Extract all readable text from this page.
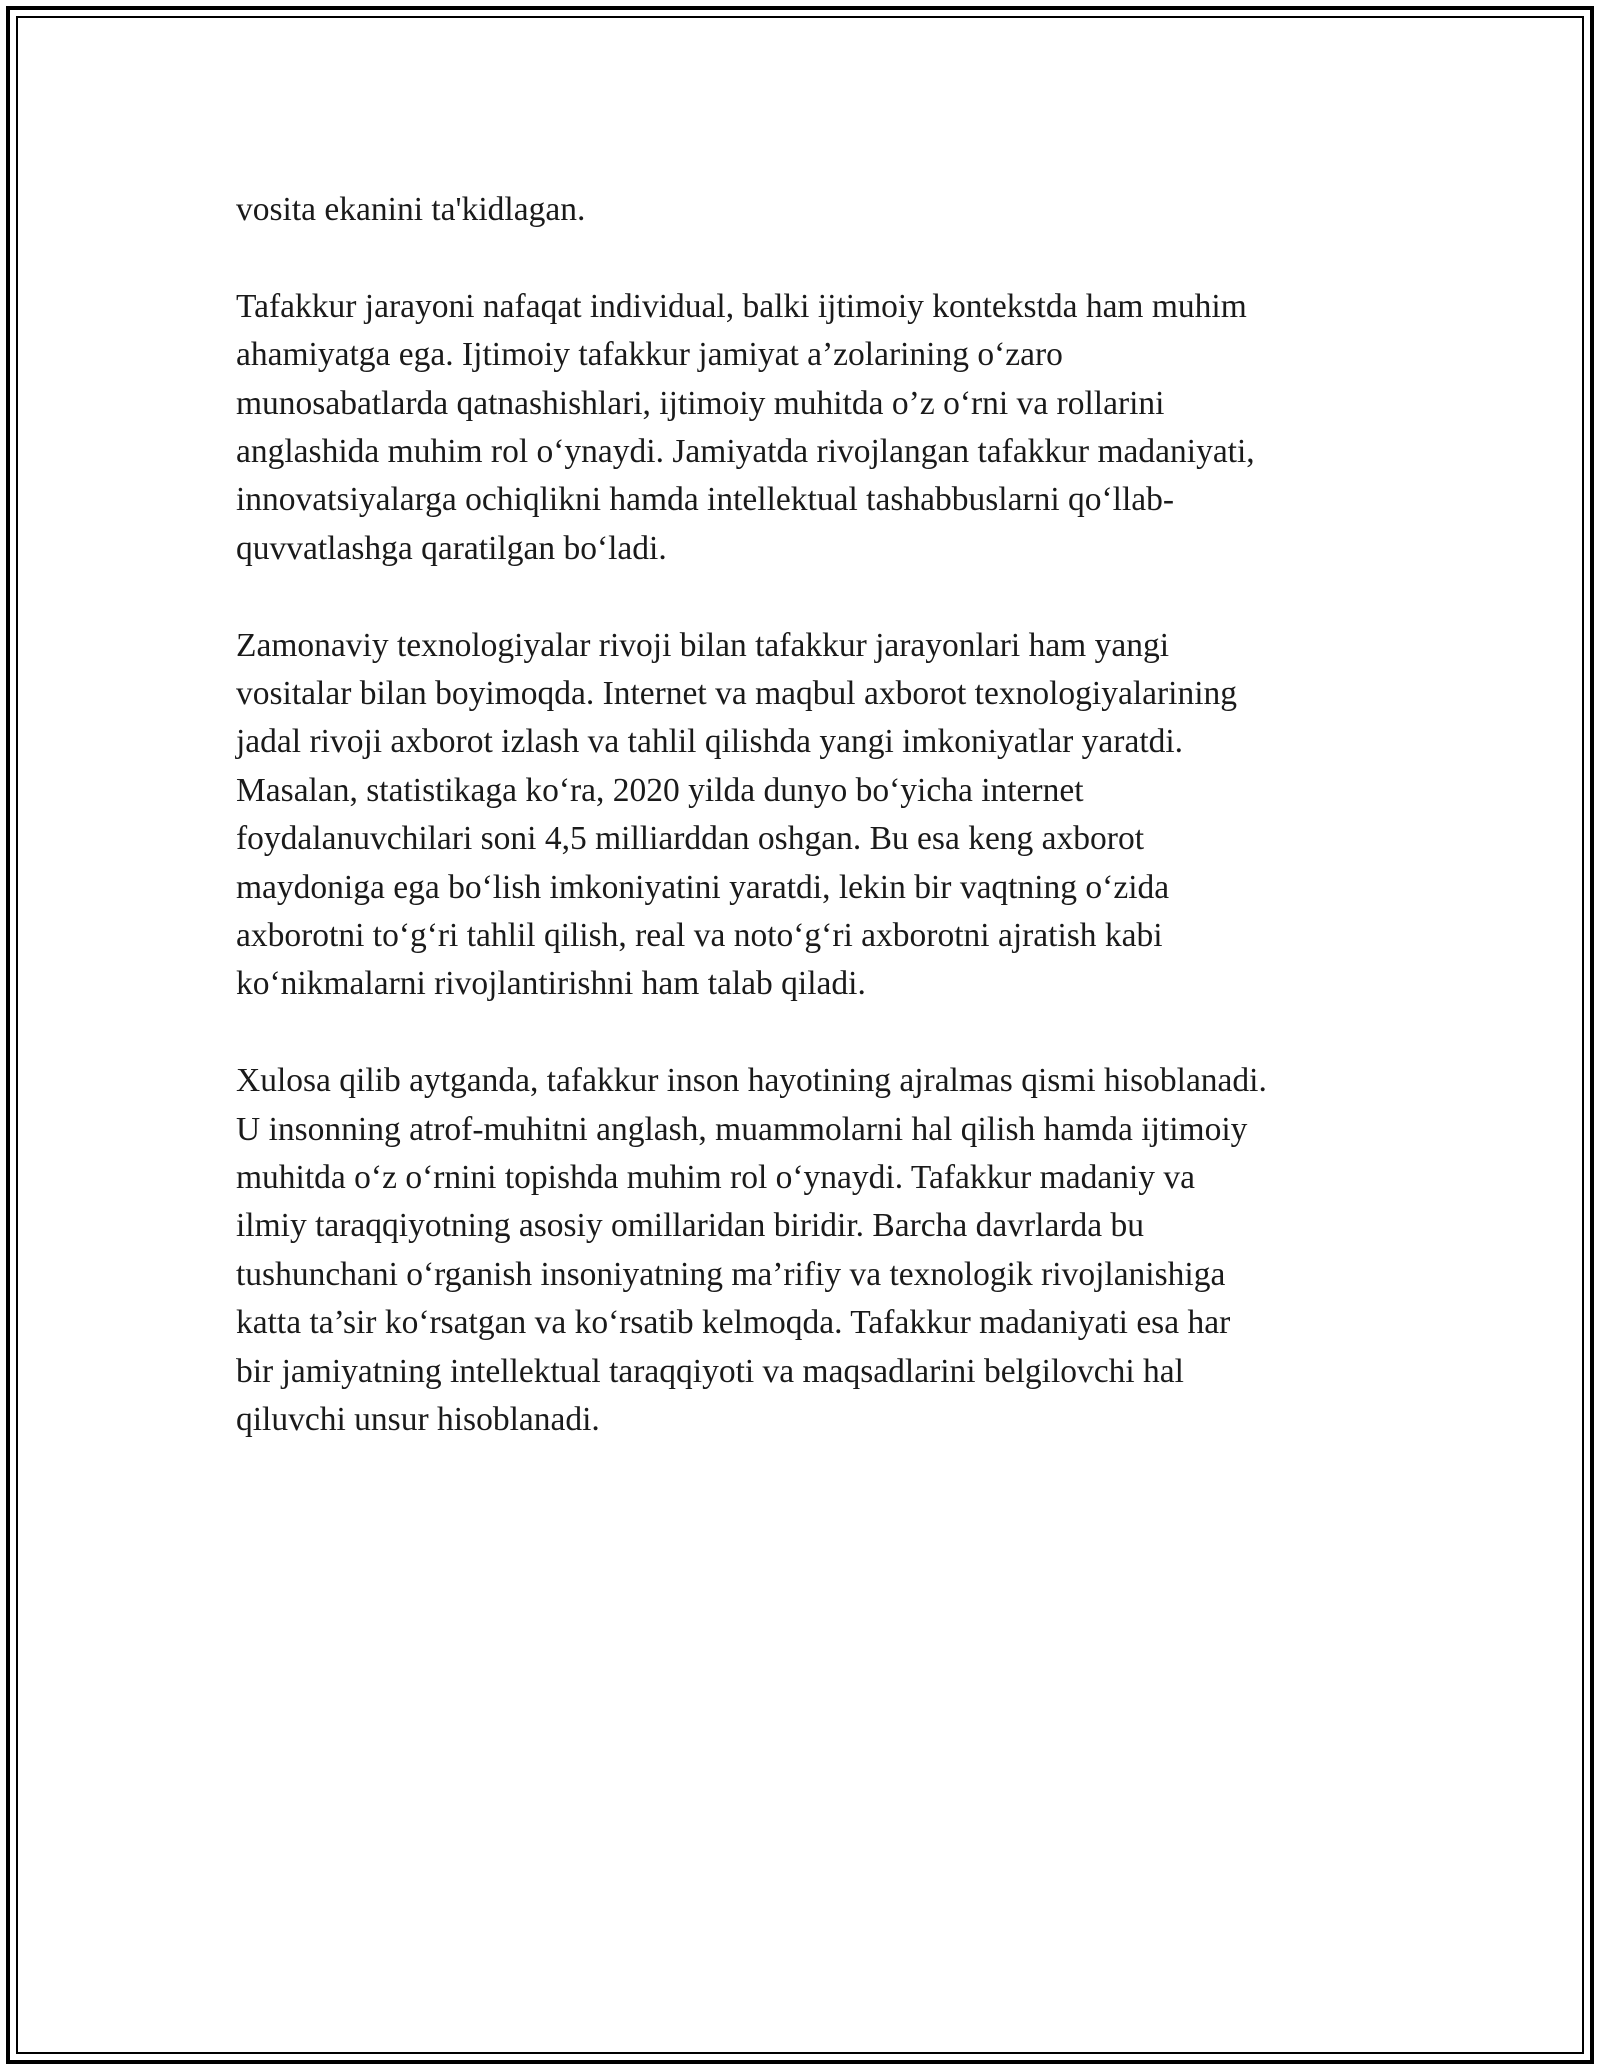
vosita ekanini ta'kidlagan.

Tafakkur jarayoni nafaqat individual, balki ijtimoiy kontekstda ham muhim
ahamiyatga ega. Ijtimoiy tafakkur jamiyat a’zolarining o‘zaro
munosabatlarda qatnashishlari, ijtimoiy muhitda o’z o‘rni va rollarini
anglashida muhim rol o‘ynaydi. Jamiyatda rivojlangan tafakkur madaniyati,
innovatsiyalarga ochiqlikni hamda intellektual tashabbuslarni qo‘llab-
quvvatlashga qaratilgan bo‘ladi.

Zamonaviy texnologiyalar rivoji bilan tafakkur jarayonlari ham yangi
vositalar bilan boyimoqda. Internet va maqbul axborot texnologiyalarining
jadal rivoji axborot izlash va tahlil qilishda yangi imkoniyatlar yaratdi.
Masalan, statistikaga ko‘ra, 2020 yilda dunyo bo‘yicha internet
foydalanuvchilari soni 4,5 milliarddan oshgan. Bu esa keng axborot
maydoniga ega bo‘lish imkoniyatini yaratdi, lekin bir vaqtning o‘zida
axborotni to‘g‘ri tahlil qilish, real va noto‘g‘ri axborotni ajratish kabi
ko‘nikmalarni rivojlantirishni ham talab qiladi.

Xulosa qilib aytganda, tafakkur inson hayotining ajralmas qismi hisoblanadi.
U insonning atrof-muhitni anglash, muammolarni hal qilish hamda ijtimoiy
muhitda o‘z o‘rnini topishda muhim rol o‘ynaydi. Tafakkur madaniy va
ilmiy taraqqiyotning asosiy omillaridan biridir. Barcha davrlarda bu
tushunchani o‘rganish insoniyatning ma’rifiy va texnologik rivojlanishiga
katta ta’sir ko‘rsatgan va ko‘rsatib kelmoqda. Tafakkur madaniyati esa har
bir jamiyatning intellektual taraqqiyoti va maqsadlarini belgilovchi hal
qiluvchi unsur hisoblanadi.
